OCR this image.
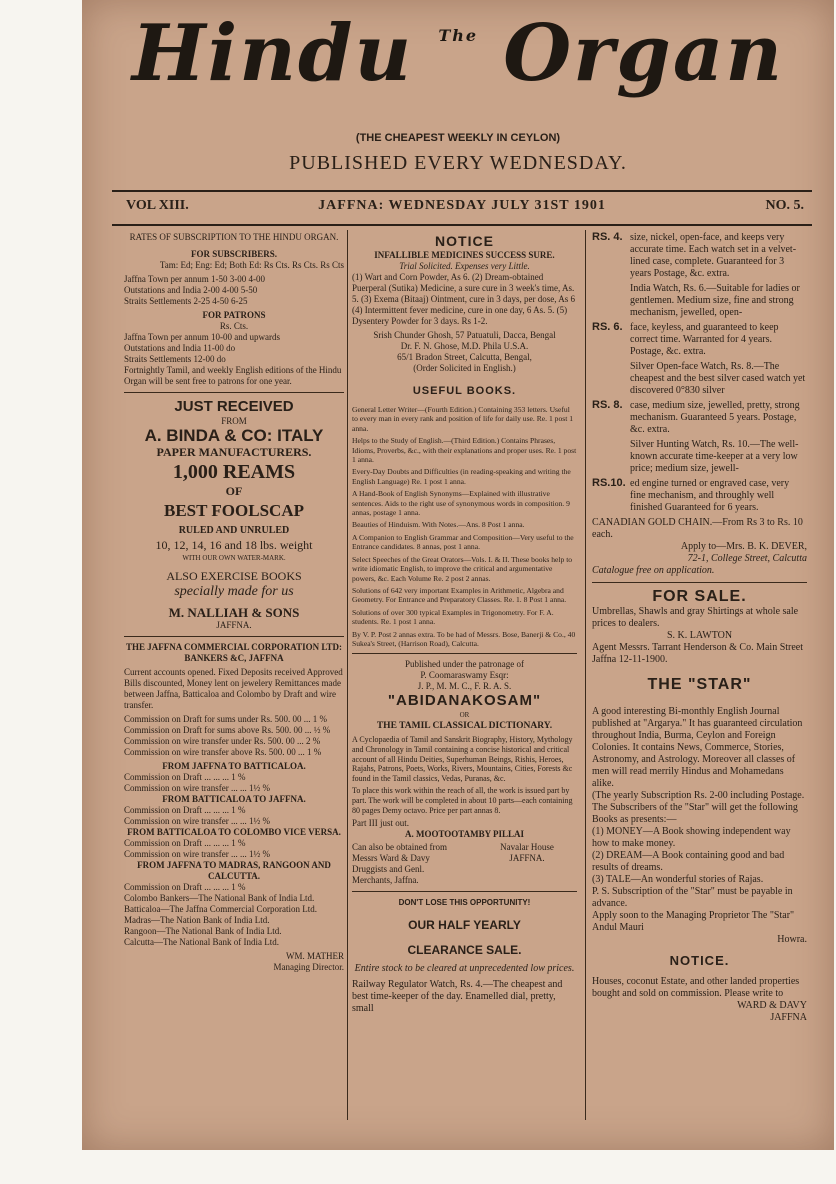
Hindu $^{The}$ Organ
(THE CHEAPEST WEEKLY IN CEYLON)
PUBLISHED EVERY WEDNESDAY.
VOL XIII.	JAFFNA: WEDNESDAY JULY 31ST 1901	NO. 5.
RATES OF SUBSCRIPTION TO THE HINDU ORGAN.
FOR SUBSCRIBERS.
Tam: Ed; Eng: Ed; Both Ed: Rs Cts. Rs Cts. Rs Cts
Jaffna Town per annum 1-50 3-00 4-00
Outstations and India 2-00 4-00 5-50
Straits Settlements 2-25 4-50 6-25
FOR PATRONS
Rs. Cts.
Jaffna Town per annum 10-00 and upwards
Outstations and India 11-00 do
Straits Settlements 12-00 do
Fortnightly Tamil, and weekly English editions of the Hindu Organ will be sent free to patrons for one year.
JUST RECEIVED
FROM
A. BINDA & CO: ITALY
PAPER MANUFACTURERS.
1,000 REAMS
OF
BEST FOOLSCAP
RULED AND UNRULED
10, 12, 14, 16 and 18 lbs. weight
WITH OUR OWN WATER-MARK.
ALSO EXERCISE BOOKS
specially made for us
M. NALLIAH & SONS
JAFFNA.
THE JAFFNA COMMERCIAL CORPORATION LTD: BANKERS &C, JAFFNA
Current accounts opened. Fixed Deposits received Approved Bills discounted, Money lent on jewelery Remittances made between Jaffna, Batticaloa and Colombo by Draft and wire transfer.
Commission on Draft for sums under Rs. 500. 00 ... 1 %
Commission on Draft for sums above Rs. 500. 00 ... ½ %
Commission on wire transfer under Rs. 500. 00 ... 2 %
Commission on wire transfer above Rs. 500. 00 ... 1 %
FROM JAFFNA TO BATTICALOA.
Commission on Draft ... ... ... 1 %
Commission on wire transfer ... ... 1½ %
FROM BATTICALOA TO JAFFNA.
Commission on Draft ... ... ... 1 %
Commission on wire transfer ... ... 1½ %
FROM BATTICALOA TO COLOMBO VICE VERSA.
Commission on Draft ... ... ... 1 %
Commission on wire transfer ... ... 1½ %
FROM JAFFNA TO MADRAS, RANGOON AND CALCUTTA.
Commission on Draft ... ... ... 1 %
Colombo Bankers—The National Bank of India Ltd.
Batticaloa—The Jaffna Commercial Corporation Ltd.
Madras—The Nation Bank of India Ltd.
Rangoon—The National Bank of India Ltd.
Calcutta—The National Bank of India Ltd.
WM. MATHER
Managing Director.
NOTICE
INFALLIBLE MEDICINES SUCCESS SURE.
Trial Solicited. Expenses very Little.
(1) Wart and Corn Powder, As 6. (2) Dream-obtained Puerperal (Sutika) Medicine, a sure cure in 3 week's time, As. 5. (3) Exema (Bitaaj) Ointment, cure in 3 days, per dose, As 6 (4) Intermittent fever medicine, cure in one day, 6 As. 5. (5) Dysentery Powder for 3 days. Rs 1-2.
Srish Chunder Ghosh, 57 Patuatuli, Dacca, Bengal
Dr. F. N. Ghose, M.D. Phila U.S.A.
65/1 Bradon Street, Calcutta, Bengal,
(Order Solicited in English.)
USEFUL BOOKS.
General Letter Writer—(Fourth Edition.) Containing 353 letters. Useful to every man in every rank and position of life for daily use. Re. 1 post 1 anna.
Helps to the Study of English.—(Third Edition.) Contains Phrases, Idioms, Proverbs, &c., with their explanations and proper uses. Re. 1 post 1 anna.
Every-Day Doubts and Difficulties (in reading-speaking and writing the English Language) Re. 1 post 1 anna.
A Hand-Book of English Synonyms—Explained with illustrative sentences. Aids to the right use of synonymous words in composition. 9 annas, postage 1 anna.
Beauties of Hinduism. With Notes.—Ans. 8 Post 1 anna.
A Companion to English Grammar and Composition—Very useful to the Entrance candidates. 8 annas, post 1 anna.
Select Speeches of the Great Orators—Vols. I. & II. These books help to write idiomatic English, to improve the critical and argumentative powers, &c. Each Volume Re. 2 post 2 annas.
Solutions of 642 very important Examples in Arithmetic, Algebra and Geometry. For Entrance and Preparatory Classes. Re. 1. 8 Post 1 anna.
Solutions of over 300 typical Examples in Trigonometry. For F. A. students. Re. 1 post 1 anna.
By V. P. Post 2 annas extra. To be had of Messrs. Bose, Banerji & Co., 40 Sukea's Street, (Harrison Road), Calcutta.
Published under the patronage of
P. Coomaraswamy Esqr:
J. P., M. M. C., F. R. A. S.
"ABIDANAKOSAM"
OR
THE TAMIL CLASSICAL DICTIONARY.
A Cyclopaedia of Tamil and Sanskrit Biography, History, Mythology and Chronology in Tamil containing a concise historical and critical account of all Hindu Deities, Superhuman Beings, Rishis, Heroes, Rajahs, Patrons, Poets, Works, Rivers, Mountains, Cities, Forests &c found in the Tamil classics, Vedas, Puranas, &c.
To place this work within the reach of all, the work is issued part by part. The work will be completed in about 10 parts—each containing 80 pages Demy octavo. Price per part annas 8.
Part III just out.
A. MOOTOOTAMBY PILLAI
Can also be obtained from Messrs Ward & Davy Druggists and Genl. Merchants, Jaffna.
Navalar House
JAFFNA.
DON'T LOSE THIS OPPORTUNITY!
OUR HALF YEARLY
CLEARANCE SALE.
Entire stock to be cleared at unprecedented low prices.
Railway Regulator Watch, Rs. 4.—The cheapest and best time-keeper of the day. Enamelled dial, pretty, small
RS. 4. size, nickel, open-face, and keeps very accurate time. Each watch set in a velvet-lined case, complete. Guaranteed for 3 years Postage, &c. extra.
India Watch, Rs. 6.—Suitable for ladies or gentlemen. Medium size, fine and strong mechanism, jewelled, open-
RS. 6. face, keyless, and guaranteed to keep correct time. Warranted for 4 years. Postage, &c. extra.
Silver Open-face Watch, Rs. 8.—The cheapest and the best silver cased watch yet discovered 0°830 silver
RS. 8. case, medium size, jewelled, pretty, strong mechanism. Guaranteed 5 years. Postage, &c. extra.
Silver Hunting Watch, Rs. 10.—The well-known accurate time-keeper at a very low price; medium size, jewell-
RS.10. ed engine turned or engraved case, very fine mechanism, and throughly well finished Guaranteed for 6 years.
CANADIAN GOLD CHAIN.—From Rs 3 to Rs. 10 each.
Apply to—Mrs. B. K. DEVER,
72-1, College Street, Calcutta
Catalogue free on application.
FOR SALE.
Umbrellas, Shawls and gray Shirtings at whole sale prices to dealers.
S. K. LAWTON
Agent Messrs. Tarrant Henderson & Co. Main Street
Jaffna 12-11-1900.
THE "STAR"
A good interesting Bi-monthly English Journal published at "Argarya." It has guaranteed circulation throughout India, Burma, Ceylon and Foreign Colonies. It contains News, Commerce, Stories, Astronomy, and Astrology. Moreover all classes of men will read merrily Hindus and Mohamedans alike.
(The yearly Subscription Rs. 2-00 including Postage.
The Subscribers of the "Star" will get the following Books as presents:—
(1) MONEY—A Book showing independent way how to make money.
(2) DREAM—A Book containing good and bad results of dreams.
(3) TALE—An wonderful stories of Rajas.
P. S. Subscription of the "Star" must be payable in advance.
Apply soon to the Managing Proprietor The "Star" Andul Mauri
Howra.
NOTICE.
Houses, coconut Estate, and other landed properties bought and sold on commission. Please write to
WARD & DAVY
JAFFNA
